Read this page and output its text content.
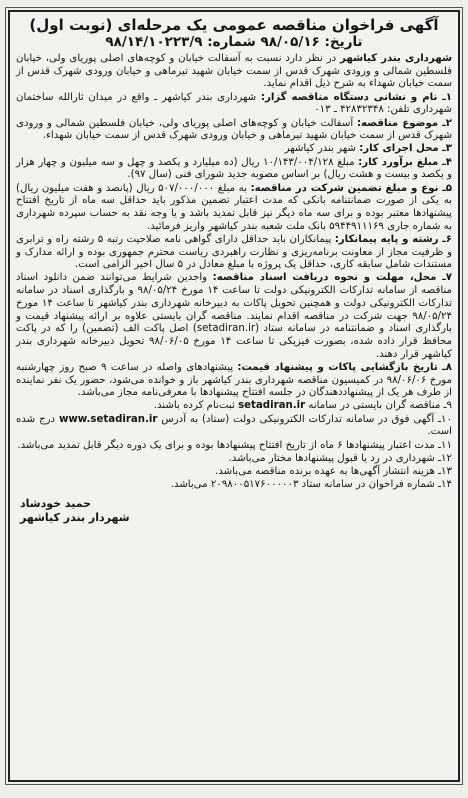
آگهی فراخوان مناقصه عمومی یک مرحله‌ای (نوبت اول)
تاریخ: ۹۸/۰۵/۱۶ شماره: ۹۸/۱۴/۱۰۲۲۳/۹

شهرداری بندر کیاشهر در نظر دارد نسبت به آسفالت خیابان و کوچه‌های اصلی پوریای ولی، خیابان فلسطین شمالی و ورودی شهرک قدس از سمت خیابان شهید تیرماهی و خیابان ورودی شهرک قدس از سمت خیابان شهداء به شرح ذیل اقدام نماید.

۱ـ نام و نشانی دستگاه مناقصه گزار: شهرداری بندر کیاشهر ـ واقع در میدان ثارالله ساختمان شهرداری تلفن: ۴۲۸۳۲۳۴۸ ـ ۰۱۳

۲ـ موضوع مناقصه: آسفالت خیابان و کوچه‌های اصلی پوریای ولی، خیابان فلسطین شمالی و ورودی شهرک قدس از سمت خیابان شهید تیرماهی و خیابان ورودی شهرک قدس از سمت خیابان شهداء.

۳ـ محل اجرای کار: شهر بندر کیاشهر

۴ـ مبلغ برآورد کار: مبلغ ۱۰/۱۴۳/۰۰۴/۱۲۸ ریال (ده میلیارد و یکصد و چهل و سه میلیون و چهار هزار و یکصد و بیست و هشت ریال) بر اساس مصوبه جدید شورای فنی (سال ۹۷).

۵ـ نوع و مبلغ تضمین شرکت در مناقصه: به مبلغ ۵۰۷/۰۰۰/۰۰۰ ریال (پانصد و هفت میلیون ریال) به یکی از صورت ضمانتنامه بانکی که مدت اعتبار تضمین مذکور باید حداقل سه ماه از تاریخ افتتاح پیشنهادها معتبر بوده و برای سه ماه دیگر نیز قابل تمدید باشد و یا وجه نقد به حساب سپرده شهرداری به شماره جاری ۵۹۴۴۹۱۱۱۶۹ بانک ملت شعبه بندر کیاشهر واریز فرمائید.

۶ـ رشته و پایه پیمانکار: پیمانکاران باید حداقل دارای گواهی نامه صلاحیت رتبه ۵ رشته راه و ترابری و ظرفیت مجاز از معاونت برنامه‌ریزی و نظارت راهبردی ریاست محترم جمهوری بوده و ارائه مدارک و مستندات شامل سابقه کاری، حداقل یک پروژه با مبلغ معادل در ۵ سال اخیر الزامی است.

۷ـ محل، مهلت و نحوه دریافت اسناد مناقصه: واجدین شرایط می‌توانند ضمن دانلود اسناد مناقصه از سامانه تدارکات الکترونیکی دولت تا ساعت ۱۴ مورخ ۹۸/۰۵/۲۴ و بارگذاری اسناد در سامانه تدارکات الکترونیکی دولت و همچنین تحویل پاکات به دبیرخانه شهرداری بندر کیاشهر تا ساعت ۱۴ مورخ ۹۸/۰۵/۲۴ جهت شرکت در مناقصه اقدام نمایند. مناقصه گران بایستی علاوه بر ارائه پیشنهاد قیمت و بارگذاری اسناد و ضمانتنامه در سامانه ستاد (setadiran.ir) اصل پاکت الف (تضمین) را که در پاکت محافظ قرار داده شده، بصورت فیزیکی تا ساعت ۱۴ مورخ ۹۸/۰۶/۰۵ تحویل دبیرخانه شهرداری بندر کیاشهر قرار دهند.

۸ـ تاریخ بازگشایی پاکات و پیشنهاد قیمت: پیشنهادهای واصله در ساعت ۹ صبح روز چهارشنبه مورخ ۹۸/۰۶/۰۶ در کمیسیون مناقصه شهرداری بندر کیاشهر باز و خوانده می‌شود، حضور یک نفر نماینده از طرف هر یک از پیشنهاددهندگان در جلسه افتتاح پیشنهادها با معرفی‌نامه مجاز می‌باشد.

۹ـ مناقصه گران بایستی در سامانه setadiran.ir ثبت‌نام کرده باشند.

۱۰ـ آگهی فوق در سامانه تدارکات الکترونیکی دولت (ستاد) به آدرس www.setadiran.ir درج شده است.

۱۱ـ مدت اعتبار پیشنهادها ۶ ماه از تاریخ افتتاح پیشنهادها بوده و برای یک دوره دیگر قابل تمدید می‌باشد.

۱۲ـ شهرداری در رد یا قبول پیشنهادها مختار می‌باشد.

۱۳ـ هزینه انتشار آگهی‌ها به عهده برنده مناقصه می‌باشد.

۱۴ـ شماره فراخوان در سامانه ستاد ۲۰۹۸۰۰۵۱۷۶۰۰۰۰۰۳ می‌باشد.

حمید خودشاد
شهردار بندر کیاشهر
